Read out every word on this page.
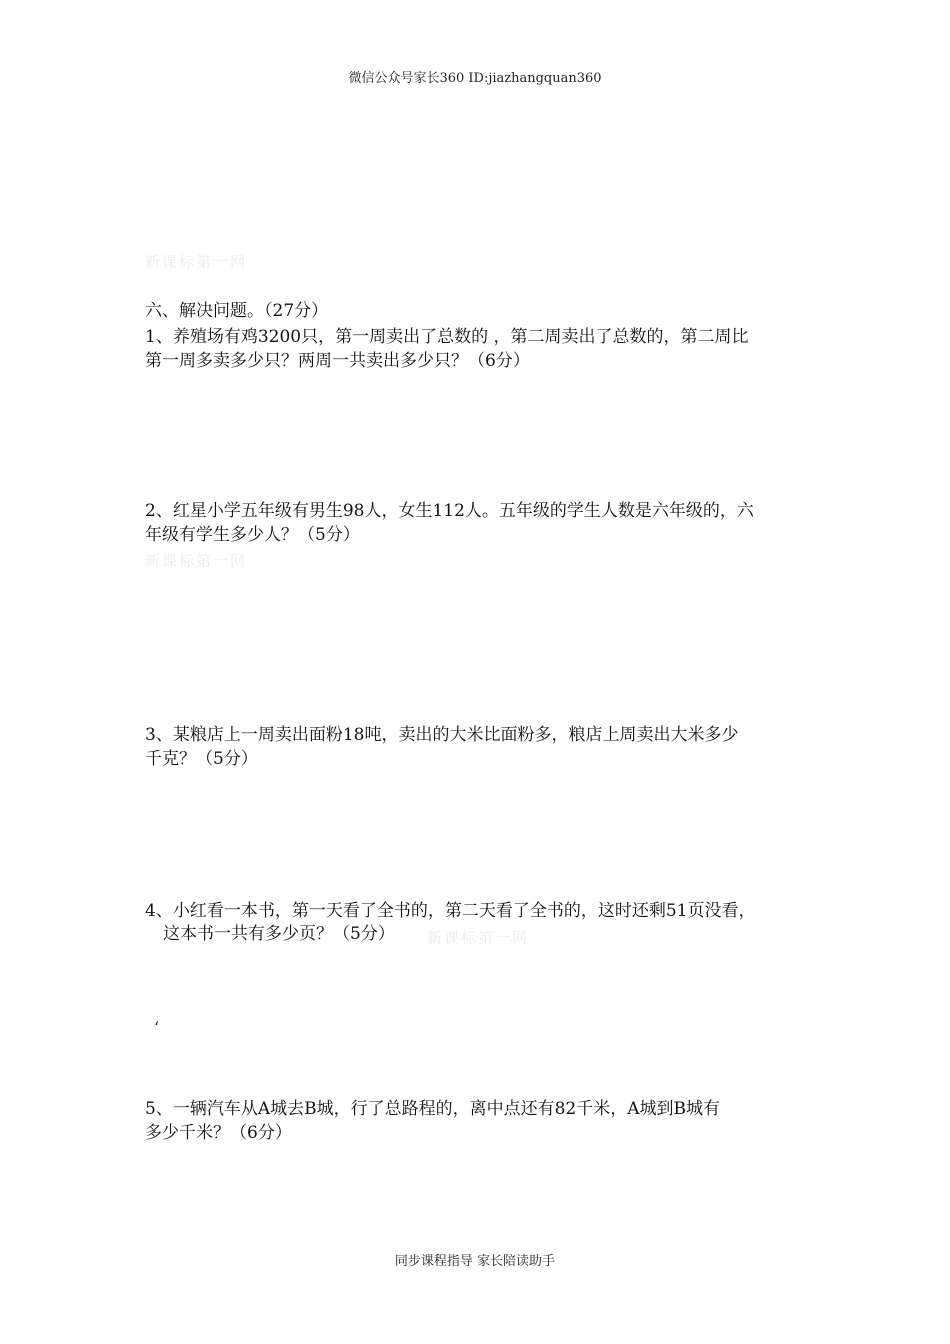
微信公众号家长360 ID:jiazhangquan360
新课标第一网
六、解决问题。（27分）
1、养殖场有鸡3200只，第一周卖出了总数的 ，第二周卖出了总数的，第二周比
第一周多卖多少只？两周一共卖出多少只？（6分）
2、红星小学五年级有男生98人，女生112人。五年级的学生人数是六年级的，六
年级有学生多少人？（5分）
新课标第一网
3、某粮店上一周卖出面粉18吨，卖出的大米比面粉多，粮店上周卖出大米多少
千克？（5分）
4、小红看一本书，第一天看了全书的，第二天看了全书的，这时还剩51页没看，
这本书一共有多少页？（5分） 新课标第一网
‘
5、一辆汽车从A城去B城，行了总路程的，离中点还有82千米，A城到B城有
多少千米？（6分）
同步课程指导 家长陪读助手
